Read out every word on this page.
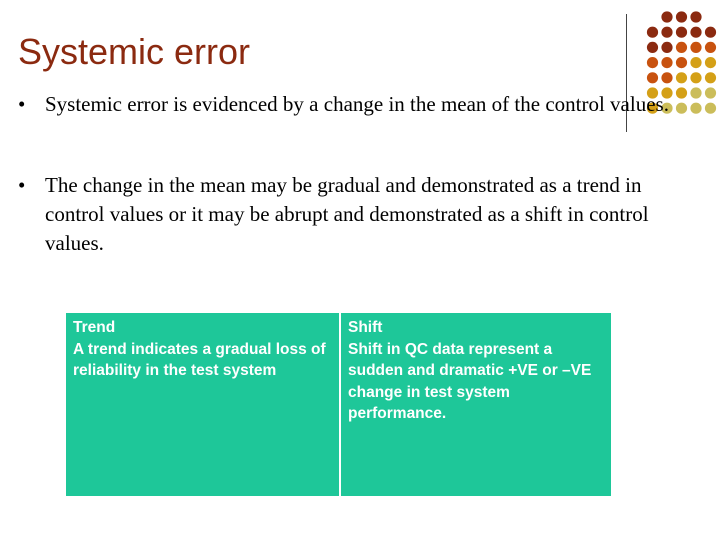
Systemic error
• Systemic error is evidenced by a change in the mean of the control values.
• The change in the mean may be gradual and demonstrated as a trend in control values or it may be abrupt and demonstrated as a shift in control values.
Trend
A trend indicates a gradual loss of reliability in the test system
Shift
Shift in QC data represent a sudden and dramatic +VE or –VE change in test system performance.
